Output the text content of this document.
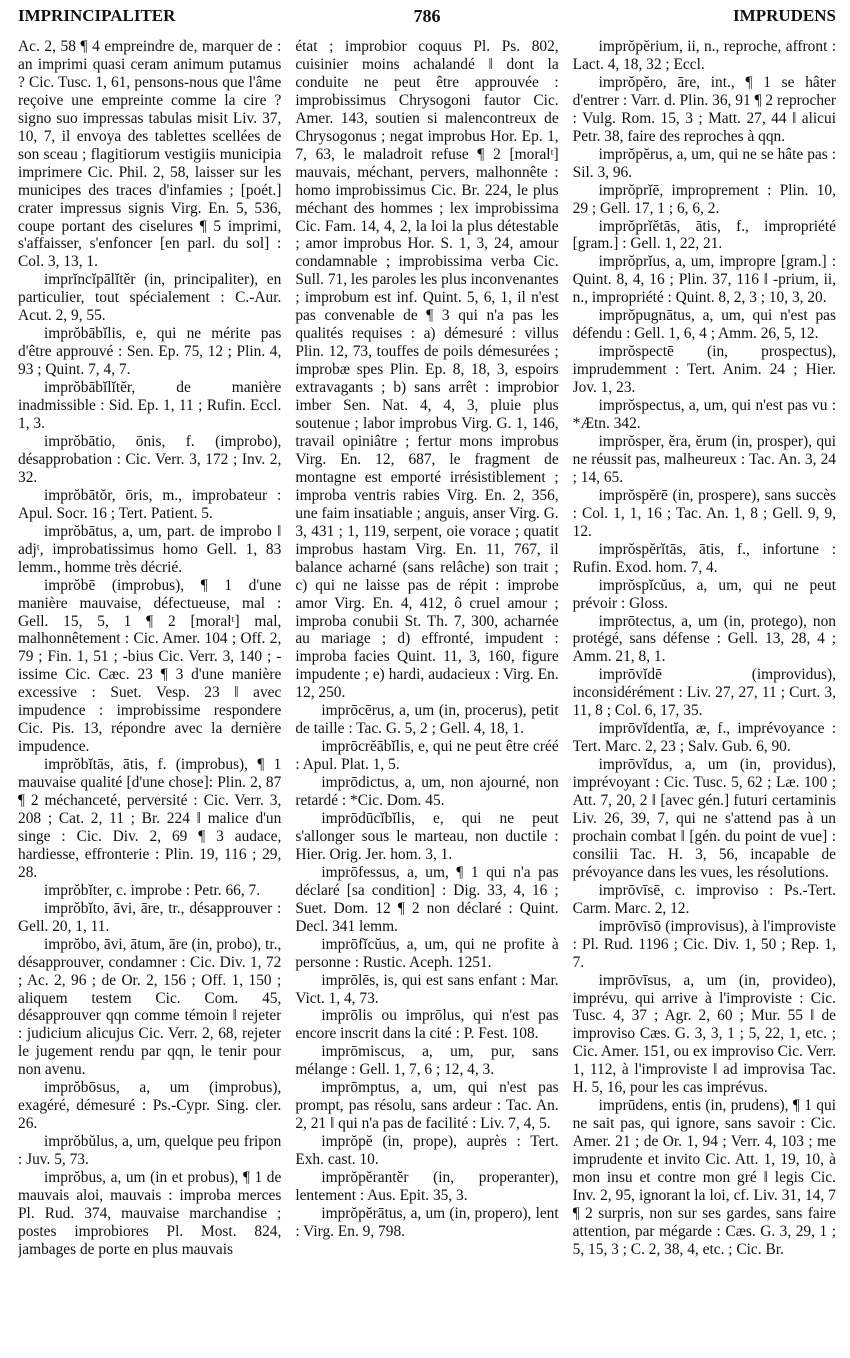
IMPRINCIPALITER	786	IMPRUDENS

Ac. 2, 58 ¶ 4 empreindre de, marquer de : an imprimi quasi ceram animum putamus ? Cic. Tusc. 1, 61, pensons-nous que l'âme reçoive une empreinte comme la cire ? signo suo impressas tabulas misit Liv. 37, 10, 7, il envoya des tablettes scellées de son sceau ; flagitiorum vestigiis municipia imprimere Cic. Phil. 2, 58, laisser sur les municipes des traces d'infamies ; [poét.] crater impressus signis Virg. En. 5, 536, coupe portant des ciselures ¶ 5 imprimi, s'affaisser, s'enfoncer [en parl. du sol] : Col. 3, 13, 1.

imprĭncĭpālĭtĕr (in, principaliter), en particulier, tout spécialement : C.-Aur. Acut. 2, 9, 55.

imprŏbābĭlis, e, qui ne mérite pas d'être approuvé : Sen. Ep. 75, 12 ; Plin. 4, 93 ; Quint. 7, 4, 7.

imprŏbābĭlĭtĕr, de manière inadmissible : Sid. Ep. 1, 11 ; Rufin. Eccl. 1, 3.

imprŏbātio, ōnis, f. (improbo), désapprobation : Cic. Verr. 3, 172 ; Inv. 2, 32.

imprŏbātŏr, ōris, m., improbateur : Apul. Socr. 16 ; Tert. Patient. 5.

imprŏbātus, a, um, part. de improbo ‖ adjᵗ, improbatissimus homo Gell. 1, 83 lemm., homme très décrié.

imprŏbē (improbus), ¶ 1 d'une manière mauvaise, défectueuse, mal : Gell. 15, 5, 1 ¶ 2 [moralᵗ] mal, malhonnêtement : Cic. Amer. 104 ; Off. 2, 79 ; Fin. 1, 51 ; -bius Cic. Verr. 3, 140 ; -issime Cic. Cæc. 23 ¶ 3 d'une manière excessive : Suet. Vesp. 23 ‖ avec impudence : improbissime respondere Cic. Pis. 13, répondre avec la dernière impudence.

imprŏbĭtās, ātis, f. (improbus), ¶ 1 mauvaise qualité [d'une chose]: Plin. 2, 87 ¶ 2 méchanceté, perversité : Cic. Verr. 3, 208 ; Cat. 2, 11 ; Br. 224 ‖ malice d'un singe : Cic. Div. 2, 69 ¶ 3 audace, hardiesse, effronterie : Plin. 19, 116 ; 29, 28.

imprŏbĭter, c. improbe : Petr. 66, 7.

imprŏbĭto, āvi, āre, tr., désapprouver : Gell. 20, 1, 11.

imprŏbo, āvi, ātum, āre (in, probo), tr., désapprouver, condamner : Cic. Div. 1, 72 ; Ac. 2, 96 ; de Or. 2, 156 ; Off. 1, 150 ; aliquem testem Cic. Com. 45, désapprouver qqn comme témoin ‖ rejeter : judicium alicujus Cic. Verr. 2, 68, rejeter le jugement rendu par qqn, le tenir pour non avenu.

imprŏbōsus, a, um (improbus), exagéré, démesuré : Ps.-Cypr. Sing. cler. 26.

imprŏbŭlus, a, um, quelque peu fripon : Juv. 5, 73.

imprŏbus, a, um (in et probus), ¶ 1 de mauvais aloi, mauvais : improba merces Pl. Rud. 374, mauvaise marchandise ; postes improbiores Pl. Most. 824, jambages de porte en plus mauvais

état ; improbior coquus Pl. Ps. 802, cuisinier moins achalandé ‖ dont la conduite ne peut être approuvée : improbissimus Chrysogoni fautor Cic. Amer. 143, soutien si malencontreux de Chrysogonus ; negat improbus Hor. Ep. 1, 7, 63, le maladroit refuse ¶ 2 [moralᵗ] mauvais, méchant, pervers, malhonnête : homo improbissimus Cic. Br. 224, le plus méchant des hommes ; lex improbissima Cic. Fam. 14, 4, 2, la loi la plus détestable ; amor improbus Hor. S. 1, 3, 24, amour condamnable ; improbissima verba Cic. Sull. 71, les paroles les plus inconvenantes ; improbum est inf. Quint. 5, 6, 1, il n'est pas convenable de ¶ 3 qui n'a pas les qualités requises : a) démesuré : villus Plin. 12, 73, touffes de poils démesurées ; improbæ spes Plin. Ep. 8, 18, 3, espoirs extravagants ; b) sans arrêt : improbior imber Sen. Nat. 4, 4, 3, pluie plus soutenue ; labor improbus Virg. G. 1, 146, travail opiniâtre ; fertur mons improbus Virg. En. 12, 687, le fragment de montagne est emporté irrésistiblement ; improba ventris rabies Virg. En. 2, 356, une faim insatiable ; anguis, anser Virg. G. 3, 431 ; 1, 119, serpent, oie vorace ; quatit improbus hastam Virg. En. 11, 767, il balance acharné (sans relâche) son trait ; c) qui ne laisse pas de répit : improbe amor Virg. En. 4, 412, ô cruel amour ; improba conubii St. Th. 7, 300, acharnée au mariage ; d) effronté, impudent : improba facies Quint. 11, 3, 160, figure impudente ; e) hardi, audacieux : Virg. En. 12, 250.

imprōcērus, a, um (in, procerus), petit de taille : Tac. G. 5, 2 ; Gell. 4, 18, 1.

imprōcrĕābĭlis, e, qui ne peut être créé : Apul. Plat. 1, 5.

imprōdictus, a, um, non ajourné, non retardé : *Cic. Dom. 45.

imprōdūcĭbĭlis, e, qui ne peut s'allonger sous le marteau, non ductile : Hier. Orig. Jer. hom. 3, 1.

imprōfessus, a, um, ¶ 1 qui n'a pas déclaré [sa condition] : Dig. 33, 4, 16 ; Suet. Dom. 12 ¶ 2 non déclaré : Quint. Decl. 341 lemm.

imprōfĭcŭus, a, um, qui ne profite à personne : Rustic. Aceph. 1251.

imprōlēs, is, qui est sans enfant : Mar. Vict. 1, 4, 73.

imprōlis ou imprōlus, qui n'est pas encore inscrit dans la cité : P. Fest. 108.

imprōmiscus, a, um, pur, sans mélange : Gell. 1, 7, 6 ; 12, 4, 3.

imprōmptus, a, um, qui n'est pas prompt, pas résolu, sans ardeur : Tac. An. 2, 21 ‖ qui n'a pas de facilité : Liv. 7, 4, 5.

imprŏpĕ (in, prope), auprès : Tert. Exh. cast. 10.

imprŏpĕrantĕr (in, properanter), lentement : Aus. Epit. 35, 3.

imprŏpĕrātus, a, um (in, propero), lent : Virg. En. 9, 798.

imprŏpĕrium, ii, n., reproche, affront : Lact. 4, 18, 32 ; Eccl.

imprŏpĕro, āre, int., ¶ 1 se hâter d'entrer : Varr. d. Plin. 36, 91 ¶ 2 reprocher : Vulg. Rom. 15, 3 ; Matt. 27, 44 ‖ alicui Petr. 38, faire des reproches à qqn.

imprŏpĕrus, a, um, qui ne se hâte pas : Sil. 3, 96.

imprŏprĭē, improprement : Plin. 10, 29 ; Gell. 17, 1 ; 6, 6, 2.

imprŏprĭĕtās, ātis, f., impropriété [gram.] : Gell. 1, 22, 21.

imprŏprĭus, a, um, impropre [gram.] : Quint. 8, 4, 16 ; Plin. 37, 116 ‖ -prium, ii, n., impropriété : Quint. 8, 2, 3 ; 10, 3, 20.

imprŏpugnātus, a, um, qui n'est pas défendu : Gell. 1, 6, 4 ; Amm. 26, 5, 12.

imprŏspectē (in, prospectus), imprudemment : Tert. Anim. 24 ; Hier. Jov. 1, 23.

imprŏspectus, a, um, qui n'est pas vu : *Ætn. 342.

imprŏsper, ĕra, ĕrum (in, prosper), qui ne réussit pas, malheureux : Tac. An. 3, 24 ; 14, 65.

imprŏspĕrē (in, prospere), sans succès : Col. 1, 1, 16 ; Tac. An. 1, 8 ; Gell. 9, 9, 12.

imprŏspĕrĭtās, ātis, f., infortune : Rufin. Exod. hom. 7, 4.

imprŏspĭcŭus, a, um, qui ne peut prévoir : Gloss.

imprōtectus, a, um (in, protego), non protégé, sans défense : Gell. 13, 28, 4 ; Amm. 21, 8, 1.

imprōvĭdē (improvidus), inconsidérément : Liv. 27, 27, 11 ; Curt. 3, 11, 8 ; Col. 6, 17, 35.

imprōvĭdentĭa, æ, f., imprévoyance : Tert. Marc. 2, 23 ; Salv. Gub. 6, 90.

imprōvĭdus, a, um (in, providus), imprévoyant : Cic. Tusc. 5, 62 ; Læ. 100 ; Att. 7, 20, 2 ‖ [avec gén.] futuri certaminis Liv. 26, 39, 7, qui ne s'attend pas à un prochain combat ‖ [gén. du point de vue] : consilii Tac. H. 3, 56, incapable de prévoyance dans les vues, les résolutions.

imprōvīsē, c. improviso : Ps.-Tert. Carm. Marc. 2, 12.

imprōvīsō (improvisus), à l'improviste : Pl. Rud. 1196 ; Cic. Div. 1, 50 ; Rep. 1, 7.

imprōvīsus, a, um (in, provideo), imprévu, qui arrive à l'improviste : Cic. Tusc. 4, 37 ; Agr. 2, 60 ; Mur. 55 ‖ de improviso Cæs. G. 3, 3, 1 ; 5, 22, 1, etc. ; Cic. Amer. 151, ou ex improviso Cic. Verr. 1, 112, à l'improviste ‖ ad improvisa Tac. H. 5, 16, pour les cas imprévus.

imprūdens, entis (in, prudens), ¶ 1 qui ne sait pas, qui ignore, sans savoir : Cic. Amer. 21 ; de Or. 1, 94 ; Verr. 4, 103 ; me imprudente et invito Cic. Att. 1, 19, 10, à mon insu et contre mon gré ‖ legis Cic. Inv. 2, 95, ignorant la loi, cf. Liv. 31, 14, 7 ¶ 2 surpris, non sur ses gardes, sans faire attention, par mégarde : Cæs. G. 3, 29, 1 ; 5, 15, 3 ; C. 2, 38, 4, etc. ; Cic. Br.
